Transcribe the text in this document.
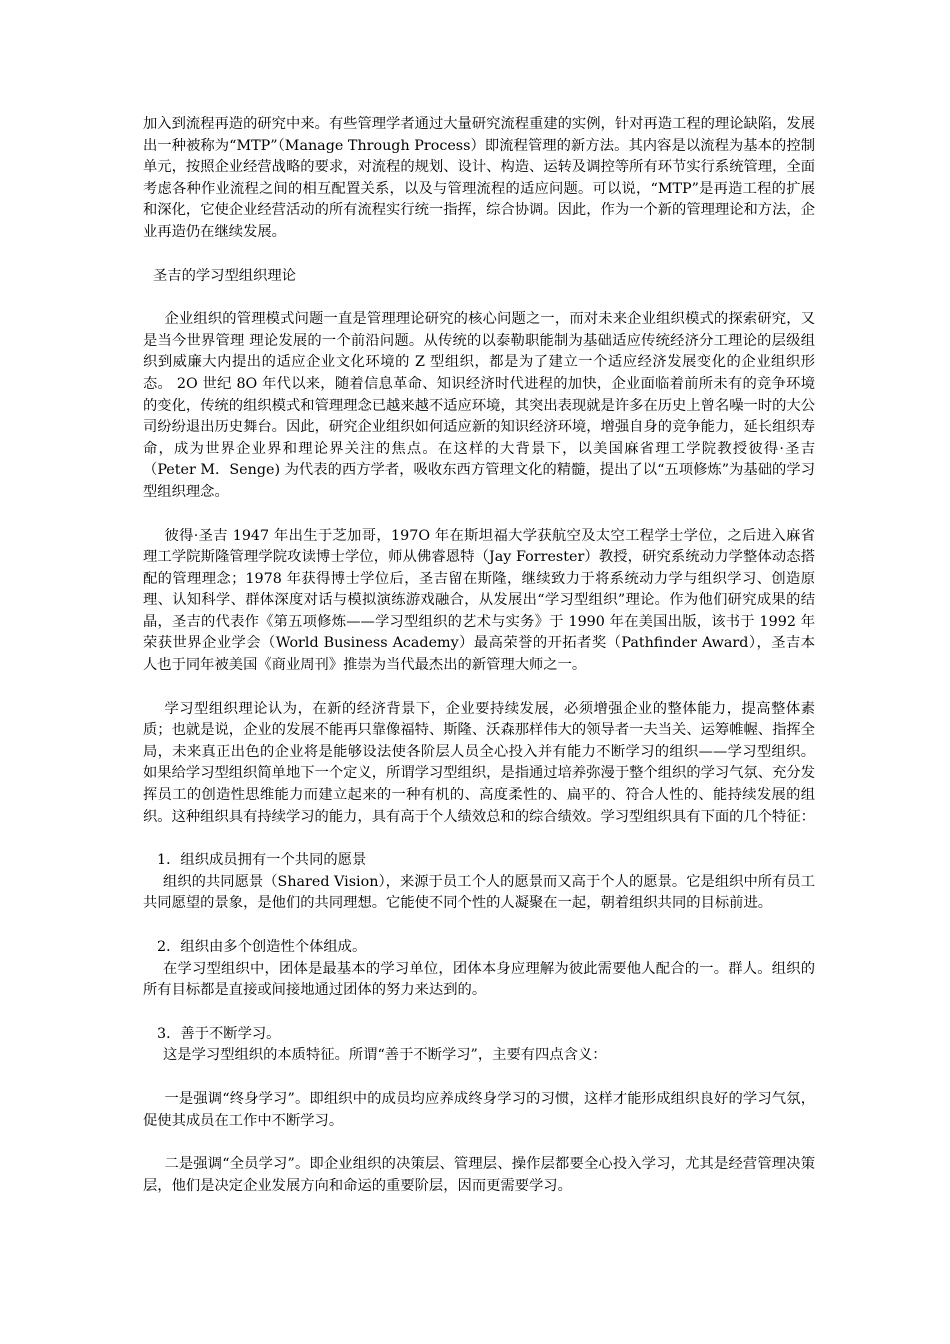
加入到流程再造的研究中来。有些管理学者通过大量研究流程重建的实例，针对再造工程的理论缺陷，发展出一种被称为“MTP”（Manage Through Process）即流程管理的新方法。其内容是以流程为基本的控制单元，按照企业经营战略的要求，对流程的规划、设计、构造、运转及调控等所有环节实行系统管理，全面考虑各种作业流程之间的相互配置关系，以及与管理流程的适应问题。可以说，“MTP”是再造工程的扩展和深化，它使企业经营活动的所有流程实行统一指挥，综合协调。因此，作为一个新的管理理论和方法，企业再造仍在继续发展。

圣吉的学习型组织理论

企业组织的管理模式问题一直是管理理论研究的核心问题之一，而对未来企业组织模式的探索研究，又是当今世界管理 理论发展的一个前沿问题。从传统的以泰勒职能制为基础适应传统经济分工理论的层级组织到威廉大内提出的适应企业文化环境的 Z 型组织，都是为了建立一个适应经济发展变化的企业组织形态。 2O 世纪 8O 年代以来，随着信息革命、知识经济时代进程的加快，企业面临着前所未有的竞争环境的变化，传统的组织模式和管理理念已越来越不适应环境，其突出表现就是许多在历史上曾名噪一时的大公司纷纷退出历史舞台。因此，研究企业组织如何适应新的知识经济环境，增强自身的竞争能力，延长组织寿命，成为世界企业界和理论界关注的焦点。在这样的大背景下，以美国麻省理工学院教授彼得·圣吉（Peter M．Senge) 为代表的西方学者，吸收东西方管理文化的精髓，提出了以“五项修炼”为基础的学习型组织理念。

彼得·圣吉 1947 年出生于芝加哥，197O 年在斯坦福大学获航空及太空工程学士学位，之后进入麻省理工学院斯隆管理学院攻读博士学位，师从佛睿恩特（Jay Forrester）教授，研究系统动力学整体动态搭配的管理理念；1978 年获得博士学位后，圣吉留在斯隆，继续致力于将系统动力学与组织学习、创造原理、认知科学、群体深度对话与模拟演练游戏融合，从发展出“学习型组织”理论。作为他们研究成果的结晶，圣吉的代表作《第五项修炼——学习型组织的艺术与实务》于 1990 年在美国出版，该书于 1992 年荣获世界企业学会（World Business Academy）最高荣誉的开拓者奖（Pathfinder Award），圣吉本人也于同年被美国《商业周刊》推崇为当代最杰出的新管理大师之一。

学习型组织理论认为，在新的经济背景下，企业要持续发展，必须增强企业的整体能力，提高整体素质；也就是说，企业的发展不能再只靠像福特、斯隆、沃森那样伟大的领导者一夫当关、运筹帷幄、指挥全局，未来真正出色的企业将是能够设法使各阶层人员全心投入并有能力不断学习的组织——学习型组织。 如果给学习型组织简单地下一个定义，所谓学习型组织，是指通过培养弥漫于整个组织的学习气氛、充分发挥员工的创造性思维能力而建立起来的一种有机的、高度柔性的、扁平的、符合人性的、能持续发展的组织。这种组织具有持续学习的能力，具有高于个人绩效总和的综合绩效。学习型组织具有下面的几个特征：

1．组织成员拥有一个共同的愿景

组织的共同愿景（Shared Vision），来源于员工个人的愿景而又高于个人的愿景。它是组织中所有员工共同愿望的景象，是他们的共同理想。它能使不同个性的人凝聚在一起，朝着组织共同的目标前进。

2．组织由多个创造性个体组成。

在学习型组织中，团体是最基本的学习单位，团体本身应理解为彼此需要他人配合的一。群人。组织的所有目标都是直接或间接地通过团体的努力来达到的。

3．善于不断学习。

这是学习型组织的本质特征。所谓“善于不断学习”，主要有四点含义：

一是强调“终身学习”。即组织中的成员均应养成终身学习的习惯，这样才能形成组织良好的学习气氛，促使其成员在工作中不断学习。

二是强调“全员学习”。即企业组织的决策层、管理层、操作层都要全心投入学习，尤其是经营管理决策层，他们是决定企业发展方向和命运的重要阶层，因而更需要学习。
